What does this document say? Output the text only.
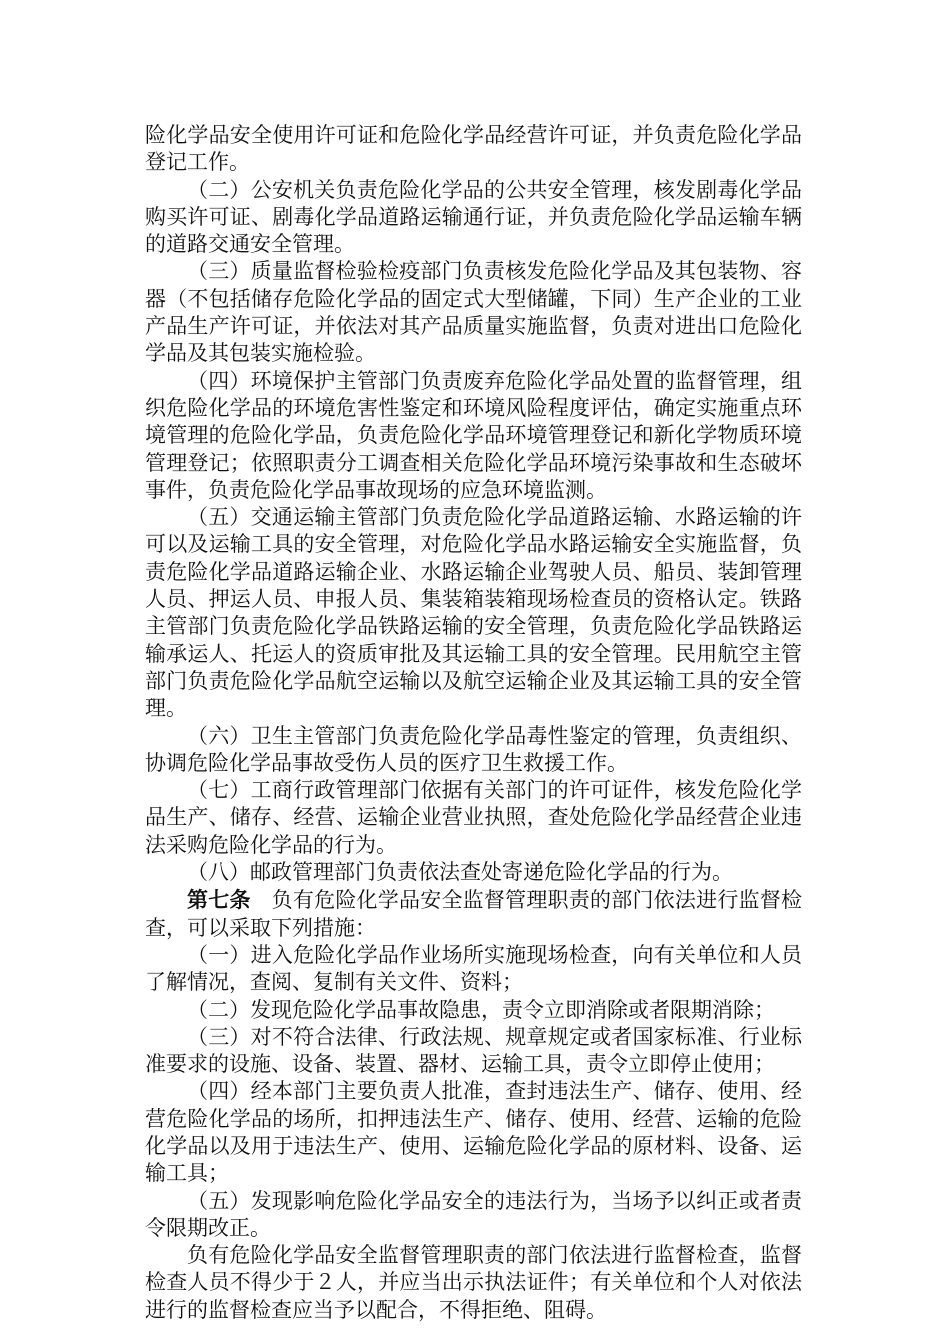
险化学品安全使用许可证和危险化学品经营许可证，并负责危险化学品登记工作。

（二）公安机关负责危险化学品的公共安全管理，核发剧毒化学品购买许可证、剧毒化学品道路运输通行证，并负责危险化学品运输车辆的道路交通安全管理。

（三）质量监督检验检疫部门负责核发危险化学品及其包装物、容器（不包括储存危险化学品的固定式大型储罐，下同）生产企业的工业产品生产许可证，并依法对其产品质量实施监督，负责对进出口危险化学品及其包装实施检验。

（四）环境保护主管部门负责废弃危险化学品处置的监督管理，组织危险化学品的环境危害性鉴定和环境风险程度评估，确定实施重点环境管理的危险化学品，负责危险化学品环境管理登记和新化学物质环境管理登记；依照职责分工调查相关危险化学品环境污染事故和生态破坏事件，负责危险化学品事故现场的应急环境监测。

（五）交通运输主管部门负责危险化学品道路运输、水路运输的许可以及运输工具的安全管理，对危险化学品水路运输安全实施监督，负责危险化学品道路运输企业、水路运输企业驾驶人员、船员、装卸管理人员、押运人员、申报人员、集装箱装箱现场检查员的资格认定。铁路主管部门负责危险化学品铁路运输的安全管理，负责危险化学品铁路运输承运人、托运人的资质审批及其运输工具的安全管理。民用航空主管部门负责危险化学品航空运输以及航空运输企业及其运输工具的安全管理。

（六）卫生主管部门负责危险化学品毒性鉴定的管理，负责组织、协调危险化学品事故受伤人员的医疗卫生救援工作。

（七）工商行政管理部门依据有关部门的许可证件，核发危险化学品生产、储存、经营、运输企业营业执照，查处危险化学品经营企业违法采购危险化学品的行为。

（八）邮政管理部门负责依法查处寄递危险化学品的行为。

第七条 负有危险化学品安全监督管理职责的部门依法进行监督检查，可以采取下列措施：

（一）进入危险化学品作业场所实施现场检查，向有关单位和人员了解情况，查阅、复制有关文件、资料；

（二）发现危险化学品事故隐患，责令立即消除或者限期消除；

（三）对不符合法律、行政法规、规章规定或者国家标准、行业标准要求的设施、设备、装置、器材、运输工具，责令立即停止使用；

（四）经本部门主要负责人批准，查封违法生产、储存、使用、经营危险化学品的场所，扣押违法生产、储存、使用、经营、运输的危险化学品以及用于违法生产、使用、运输危险化学品的原材料、设备、运输工具；

（五）发现影响危险化学品安全的违法行为，当场予以纠正或者责令限期改正。

负有危险化学品安全监督管理职责的部门依法进行监督检查，监督检查人员不得少于２人，并应当出示执法证件；有关单位和个人对依法进行的监督检查应当予以配合，不得拒绝、阻碍。
